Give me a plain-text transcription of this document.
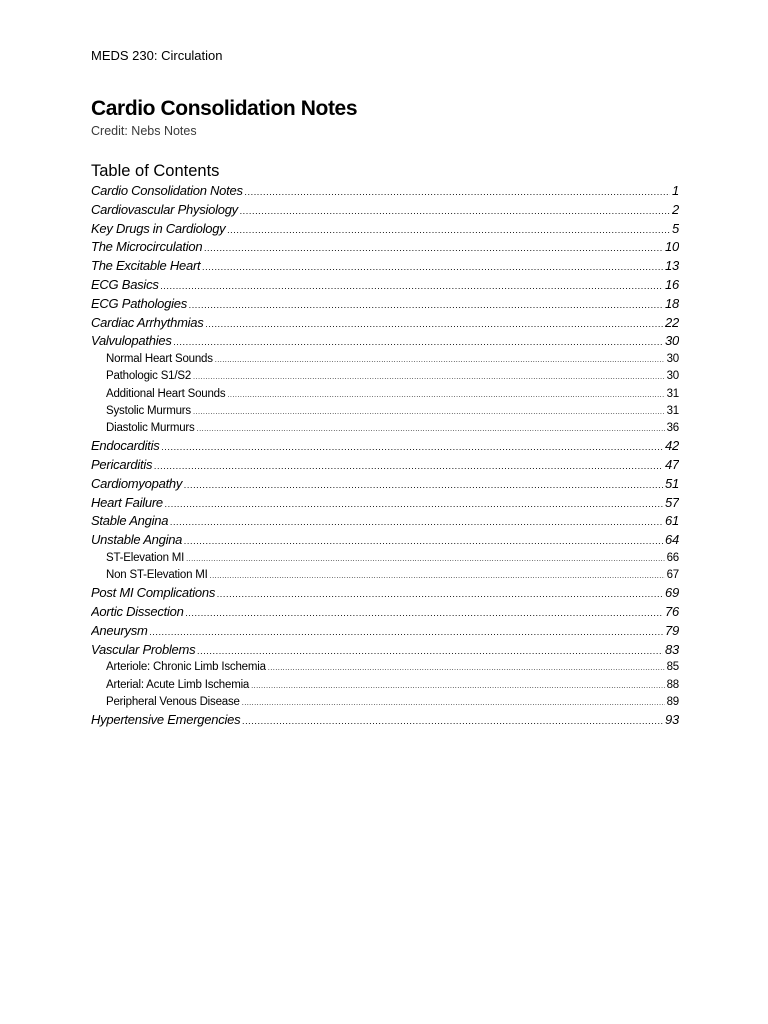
MEDS 230: Circulation
Cardio Consolidation Notes
Credit: Nebs Notes
Table of Contents
Cardio Consolidation Notes .....	1
Cardiovascular Physiology .....	2
Key Drugs in Cardiology .....	5
The Microcirculation .....	10
The Excitable Heart .....	13
ECG Basics .....	16
ECG Pathologies .....	18
Cardiac Arrhythmias .....	22
Valvulopathies .....	30
Normal Heart Sounds .....	30
Pathologic S1/S2 .....	30
Additional Heart Sounds .....	31
Systolic Murmurs .....	31
Diastolic Murmurs .....	36
Endocarditis .....	42
Pericarditis .....	47
Cardiomyopathy .....	51
Heart Failure .....	57
Stable Angina .....	61
Unstable Angina .....	64
ST-Elevation MI .....	66
Non ST-Elevation MI .....	67
Post MI Complications .....	69
Aortic Dissection .....	76
Aneurysm .....	79
Vascular Problems .....	83
Arteriole: Chronic Limb Ischemia .....	85
Arterial: Acute Limb Ischemia .....	88
Peripheral Venous Disease .....	89
Hypertensive Emergencies .....	93
